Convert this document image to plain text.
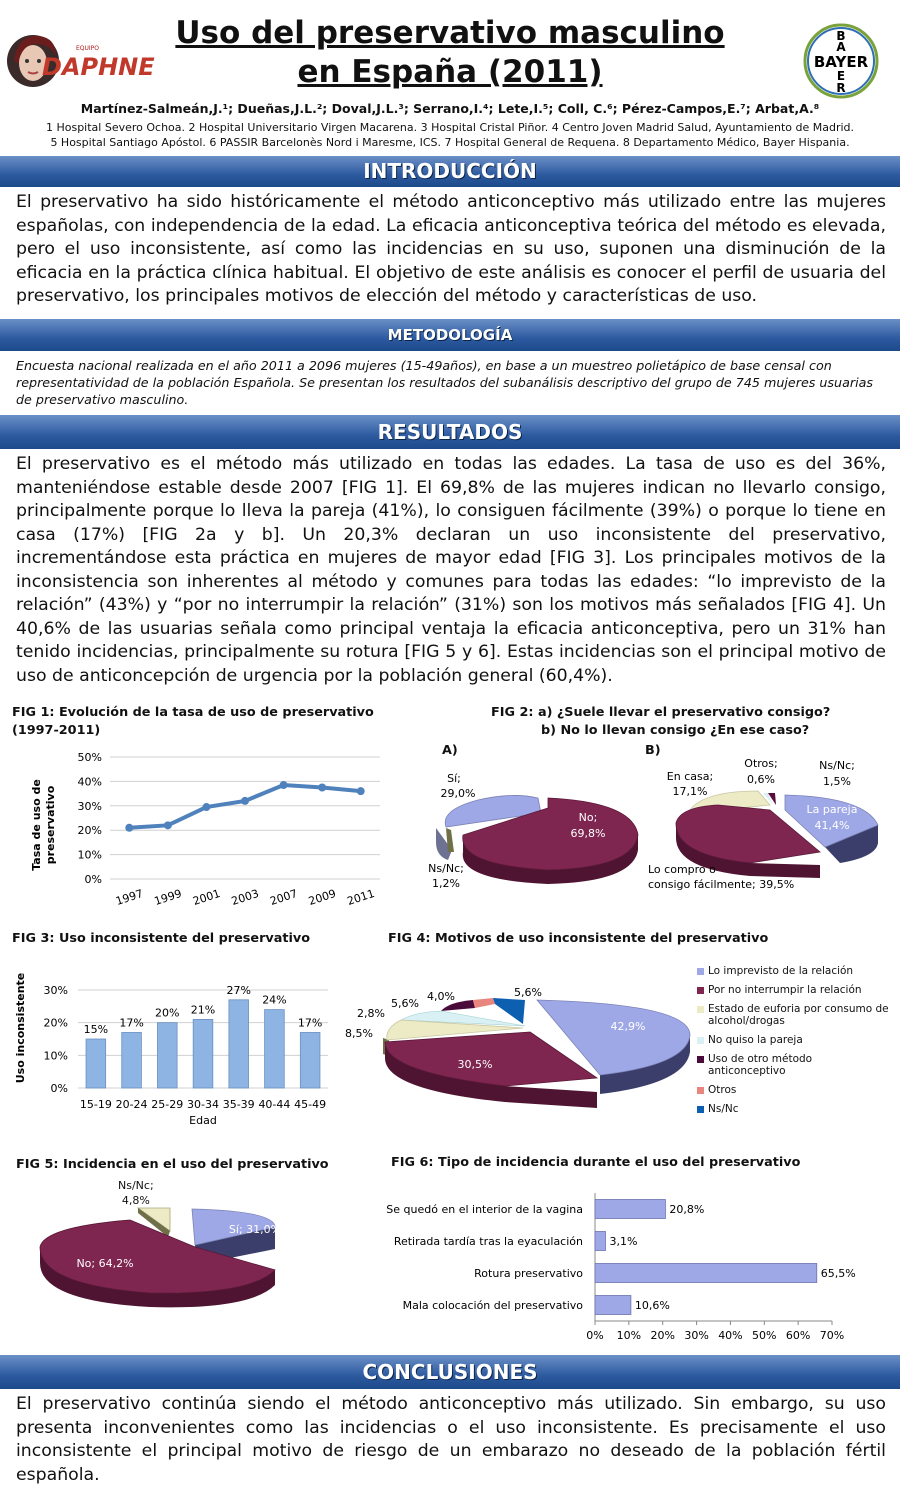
EQUIPO
DAPHNE
Uso del preservativo masculino
en España (2011)	BAYER
B
A
E
R
Martínez-Salmeán,J.¹; Dueñas,J.L.²; Doval,J.L.³; Serrano,I.⁴; Lete,I.⁵; Coll, C.⁶; Pérez-Campos,E.⁷; Arbat,A.⁸
1 Hospital Severo Ochoa. 2 Hospital Universitario Virgen Macarena. 3 Hospital Cristal Piñor. 4 Centro Joven Madrid Salud, Ayuntamiento de Madrid.
5 Hospital Santiago Apóstol. 6 PASSIR Barcelonès Nord i Maresme, ICS. 7 Hospital General de Requena. 8 Departamento Médico, Bayer Hispania.
INTRODUCCIÓN
El preservativo ha sido históricamente el método anticonceptivo más utilizado entre las mujeres españolas, con independencia de la edad. La eficacia anticonceptiva teórica del método es elevada, pero el uso inconsistente, así como las incidencias en su uso, suponen una disminución de la eficacia en la práctica clínica habitual. El objetivo de este análisis es conocer el perfil de usuaria del preservativo, los principales motivos de elección del método y características de uso.
METODOLOGÍA
Encuesta nacional realizada en el año 2011 a 2096 mujeres (15-49años), en base a un muestreo polietápico de base censal con representatividad de la población Española. Se presentan los resultados del subanálisis descriptivo del grupo de 745 mujeres usuarias de preservativo masculino.
RESULTADOS
El preservativo es el método más utilizado en todas las edades. La tasa de uso es del 36%, manteniéndose estable desde 2007 [FIG 1]. El 69,8% de las mujeres indican no llevarlo consigo, principalmente porque lo lleva la pareja (41%), lo consiguen fácilmente (39%) o porque lo tiene en casa (17%) [FIG 2a y b]. Un 20,3% declaran un uso inconsistente del preservativo, incrementándose esta práctica en mujeres de mayor edad [FIG 3]. Los principales motivos de la inconsistencia son inherentes al método y comunes para todas las edades: “lo imprevisto de la relación” (43%) y “por no interrumpir la relación” (31%) son los motivos más señalados [FIG 4]. Un 40,6% de las usuarias señala como principal ventaja la eficacia anticonceptiva, pero un 31% han tenido incidencias, principalmente su rotura [FIG 5 y 6]. Estas incidencias son el principal motivo de uso de anticoncepción de urgencia por la población general (60,4%).
FIG 1: Evolución de la tasa de uso de preservativo
(1997-2011)
Tasa de uso de preservativo
0%
10%
20%
30%
40%
50%
1997 1999 2001 2003 2007 2009 2011
FIG 2: a) ¿Suele llevar el preservativo consigo?
b) No lo llevan consigo ¿En ese caso?
A)	B)
Sí;
29,0%
No;
69,8%
Ns/Nc;
1,2%
En casa;
17,1%
Otros;
0,6%
Ns/Nc;
1,5%
La pareja
41,4%
Lo compro o
consigo fácilmente; 39,5%
FIG 3: Uso inconsistente del preservativo
Uso inconsistente
0%
10%
20%
30%
15%
15-19
17%
20-24
20%
25-29
21%
30-34
27%
35-39
24%
40-44
17%
45-49
Edad
FIG 4: Motivos de uso inconsistente del preservativo
42,9%
30,5%
8,5%
2,8%
5,6%
4,0%	5,6%
Lo imprevisto de la relación
Por no interrumpir la relación
Estado de euforia por consumo de alcohol/drogas
No quiso la pareja
Uso de otro método anticonceptivo
Otros
Ns/Nc
FIG 5: Incidencia en el uso del preservativo
Sí; 31,0%
No; 64,2%
Ns/Nc;
4,8%
FIG 6: Tipo de incidencia durante el uso del preservativo
0% 10% 20% 30% 40% 50% 60% 70%
20,8%
Se quedó en el interior de la vagina
3,1%
Retirada tardía tras la eyaculación
65,5%
Rotura preservativo
10,6%
Mala colocación del preservativo
CONCLUSIONES
El preservativo continúa siendo el método anticonceptivo más utilizado. Sin embargo, su uso presenta inconvenientes como las incidencias o el uso inconsistente. Es precisamente el uso inconsistente el principal motivo de riesgo de un embarazo no deseado de la población fértil española.
